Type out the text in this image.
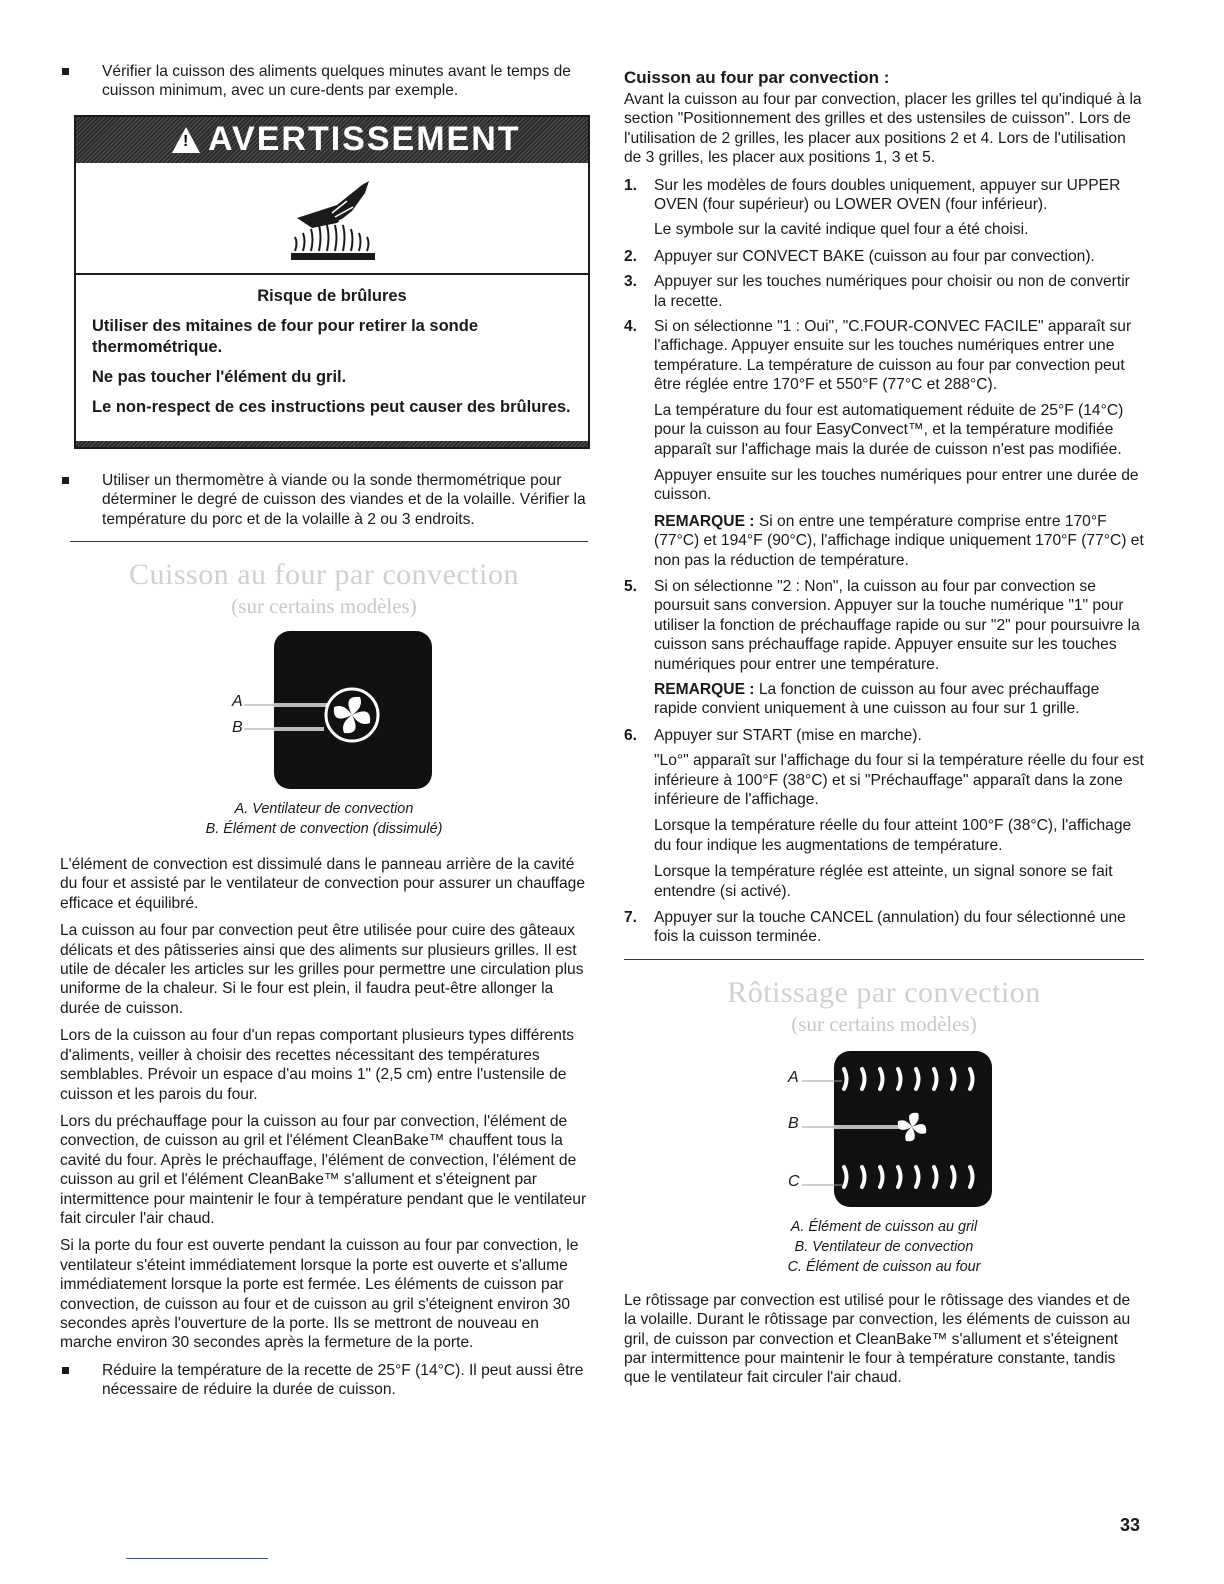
Vérifier la cuisson des aliments quelques minutes avant le temps de cuisson minimum, avec un cure-dents par exemple.
! AVERTISSEMENT
Risque de brûlures
Utiliser des mitaines de four pour retirer la sonde thermométrique.
Ne pas toucher l'élément du gril.
Le non-respect de ces instructions peut causer des brûlures.
Utiliser un thermomètre à viande ou la sonde thermométrique pour déterminer le degré de cuisson des viandes et de la volaille. Vérifier la température du porc et de la volaille à 2 ou 3 endroits.
Cuisson au four par convection
(sur certains modèles)
A
B
A. Ventilateur de convection
B. Élément de convection (dissimulé)

L'élément de convection est dissimulé dans le panneau arrière de la cavité du four et assisté par le ventilateur de convection pour assurer un chauffage efficace et équilibré.

La cuisson au four par convection peut être utilisée pour cuire des gâteaux délicats et des pâtisseries ainsi que des aliments sur plusieurs grilles. Il est utile de décaler les articles sur les grilles pour permettre une circulation plus uniforme de la chaleur. Si le four est plein, il faudra peut-être allonger la durée de cuisson.

Lors de la cuisson au four d'un repas comportant plusieurs types différents d'aliments, veiller à choisir des recettes nécessitant des températures semblables. Prévoir un espace d'au moins 1" (2,5 cm) entre l'ustensile de cuisson et les parois du four.

Lors du préchauffage pour la cuisson au four par convection, l'élément de convection, de cuisson au gril et l'élément CleanBake™ chauffent tous la cavité du four. Après le préchauffage, l'élément de convection, l'élément de cuisson au gril et l'élément CleanBake™ s'allument et s'éteignent par intermittence pour maintenir le four à température pendant que le ventilateur fait circuler l'air chaud.

Si la porte du four est ouverte pendant la cuisson au four par convection, le ventilateur s'éteint immédiatement lorsque la porte est ouverte et s'allume immédiatement lorsque la porte est fermée. Les éléments de cuisson par convection, de cuisson au four et de cuisson au gril s'éteignent environ 30 secondes après l'ouverture de la porte. Ils se mettront de nouveau en marche environ 30 secondes après la fermeture de la porte.

Réduire la température de la recette de 25°F (14°C). Il peut aussi être nécessaire de réduire la durée de cuisson.
Cuisson au four par convection :

Avant la cuisson au four par convection, placer les grilles tel qu'indiqué à la section "Positionnement des grilles et des ustensiles de cuisson". Lors de l'utilisation de 2 grilles, les placer aux positions 2 et 4. Lors de l'utilisation de 3 grilles, les placer aux positions 1, 3 et 5.

1. Sur les modèles de fours doubles uniquement, appuyer sur UPPER OVEN (four supérieur) ou LOWER OVEN (four inférieur).
Le symbole sur la cavité indique quel four a été choisi.
2. Appuyer sur CONVECT BAKE (cuisson au four par convection).
3. Appuyer sur les touches numériques pour choisir ou non de convertir la recette.
4. Si on sélectionne "1 : Oui", "C.FOUR-CONVEC FACILE" apparaît sur l'affichage. Appuyer ensuite sur les touches numériques entrer une température. La température de cuisson au four par convection peut être réglée entre 170°F et 550°F (77°C et 288°C).
La température du four est automatiquement réduite de 25°F (14°C) pour la cuisson au four EasyConvect™, et la température modifiée apparaît sur l'affichage mais la durée de cuisson n'est pas modifiée.
Appuyer ensuite sur les touches numériques pour entrer une durée de cuisson.
REMARQUE : Si on entre une température comprise entre 170°F (77°C) et 194°F (90°C), l'affichage indique uniquement 170°F (77°C) et non pas la réduction de température.
5. Si on sélectionne "2 : Non", la cuisson au four par convection se poursuit sans conversion. Appuyer sur la touche numérique "1" pour utiliser la fonction de préchauffage rapide ou sur "2" pour poursuivre la cuisson sans préchauffage rapide. Appuyer ensuite sur les touches numériques pour entrer une température.
REMARQUE : La fonction de cuisson au four avec préchauffage rapide convient uniquement à une cuisson au four sur 1 grille.
6. Appuyer sur START (mise en marche).
"Lo°" apparaît sur l'affichage du four si la température réelle du four est inférieure à 100°F (38°C) et si "Préchauffage" apparaît dans la zone inférieure de l'affichage.
Lorsque la température réelle du four atteint 100°F (38°C), l'affichage du four indique les augmentations de température.
Lorsque la température réglée est atteinte, un signal sonore se fait entendre (si activé).
7. Appuyer sur la touche CANCEL (annulation) du four sélectionné une fois la cuisson terminée.
Rôtissage par convection
(sur certains modèles)
A
B
C
A. Élément de cuisson au gril
B. Ventilateur de convection
C. Élément de cuisson au four

Le rôtissage par convection est utilisé pour le rôtissage des viandes et de la volaille. Durant le rôtissage par convection, les éléments de cuisson au gril, de cuisson par convection et CleanBake™ s'allument et s'éteignent par intermittence pour maintenir le four à température constante, tandis que le ventilateur fait circuler l'air chaud.

33
